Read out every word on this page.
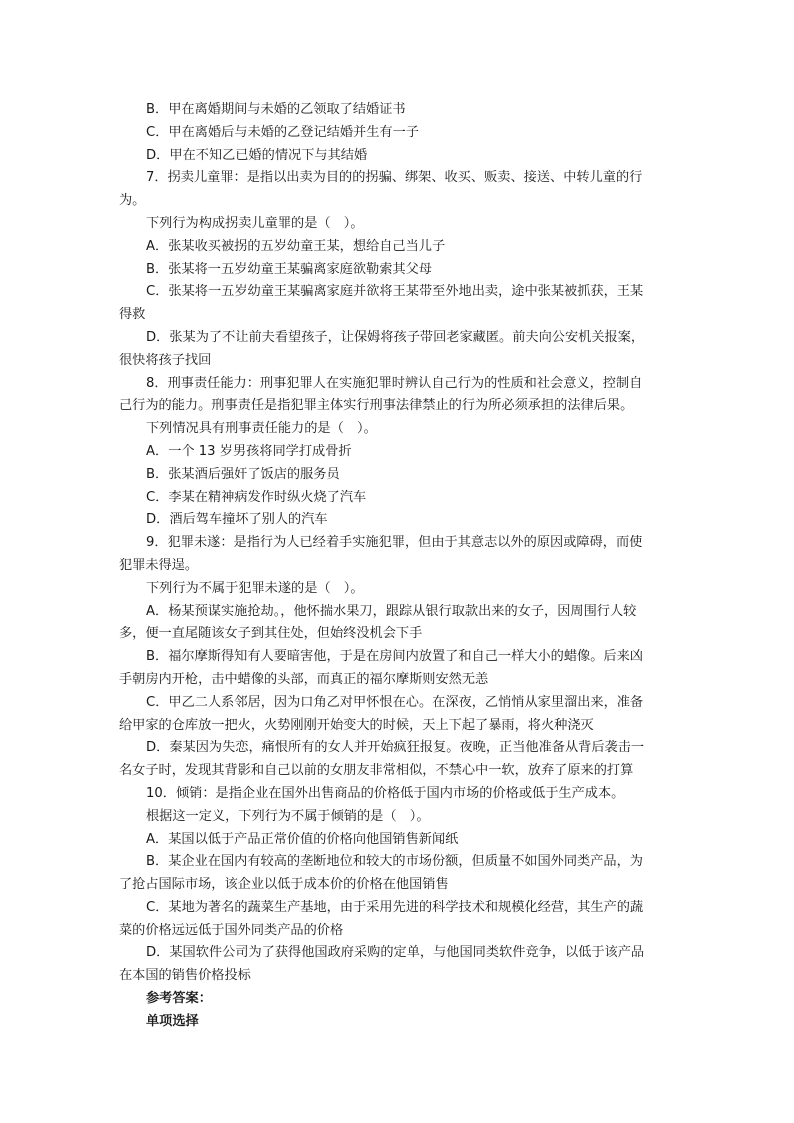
B．甲在离婚期间与未婚的乙领取了结婚证书
C．甲在离婚后与未婚的乙登记结婚并生有一子
D．甲在不知乙已婚的情况下与其结婚
7．拐卖儿童罪：是指以出卖为目的的拐骗、绑架、收买、贩卖、接送、中转儿童的行
为。
下列行为构成拐卖儿童罪的是（　）。
A．张某收买被拐的五岁幼童王某，想给自己当儿子
B．张某将一五岁幼童王某骗离家庭欲勒索其父母
C．张某将一五岁幼童王某骗离家庭并欲将王某带至外地出卖，途中张某被抓获，王某
得救
D．张某为了不让前夫看望孩子，让保姆将孩子带回老家藏匿。前夫向公安机关报案，
很快将孩子找回
8．刑事责任能力：刑事犯罪人在实施犯罪时辨认自己行为的性质和社会意义，控制自
己行为的能力。刑事责任是指犯罪主体实行刑事法律禁止的行为所必须承担的法律后果。
下列情况具有刑事责任能力的是（　）。
A．一个 13 岁男孩将同学打成骨折
B．张某酒后强奸了饭店的服务员
C．李某在精神病发作时纵火烧了汽车
D．酒后驾车撞坏了别人的汽车
9．犯罪未遂：是指行为人已经着手实施犯罪，但由于其意志以外的原因或障碍，而使
犯罪未得逞。
下列行为不属于犯罪未遂的是（　）。
A．杨某预谋实施抢劫。，他怀揣水果刀，跟踪从银行取款出来的女子，因周围行人较
多，便一直尾随该女子到其住处，但始终没机会下手
B．福尔摩斯得知有人要暗害他，于是在房间内放置了和自己一样大小的蜡像。后来凶
手朝房内开枪，击中蜡像的头部，而真正的福尔摩斯则安然无恙
C．甲乙二人系邻居，因为口角乙对甲怀恨在心。在深夜，乙悄悄从家里溜出来，准备
给甲家的仓库放一把火，火势刚刚开始变大的时候，天上下起了暴雨，将火种浇灭
D．秦某因为失恋，痛恨所有的女人并开始疯狂报复。夜晚，正当他准备从背后袭击一
名女子时，发现其背影和自己以前的女朋友非常相似，不禁心中一软，放弃了原来的打算
10．倾销：是指企业在国外出售商品的价格低于国内市场的价格或低于生产成本。
根据这一定义，下列行为不属于倾销的是（　）。
A．某国以低于产品正常价值的价格向他国销售新闻纸
B．某企业在国内有较高的垄断地位和较大的市场份额，但质量不如国外同类产品，为
了抢占国际市场，该企业以低于成本价的价格在他国销售
C．某地为著名的蔬菜生产基地，由于采用先进的科学技术和规模化经营，其生产的蔬
菜的价格远远低于国外同类产品的价格
D．某国软件公司为了获得他国政府采购的定单，与他国同类软件竞争，以低于该产品
在本国的销售价格投标
参考答案：
单项选择
